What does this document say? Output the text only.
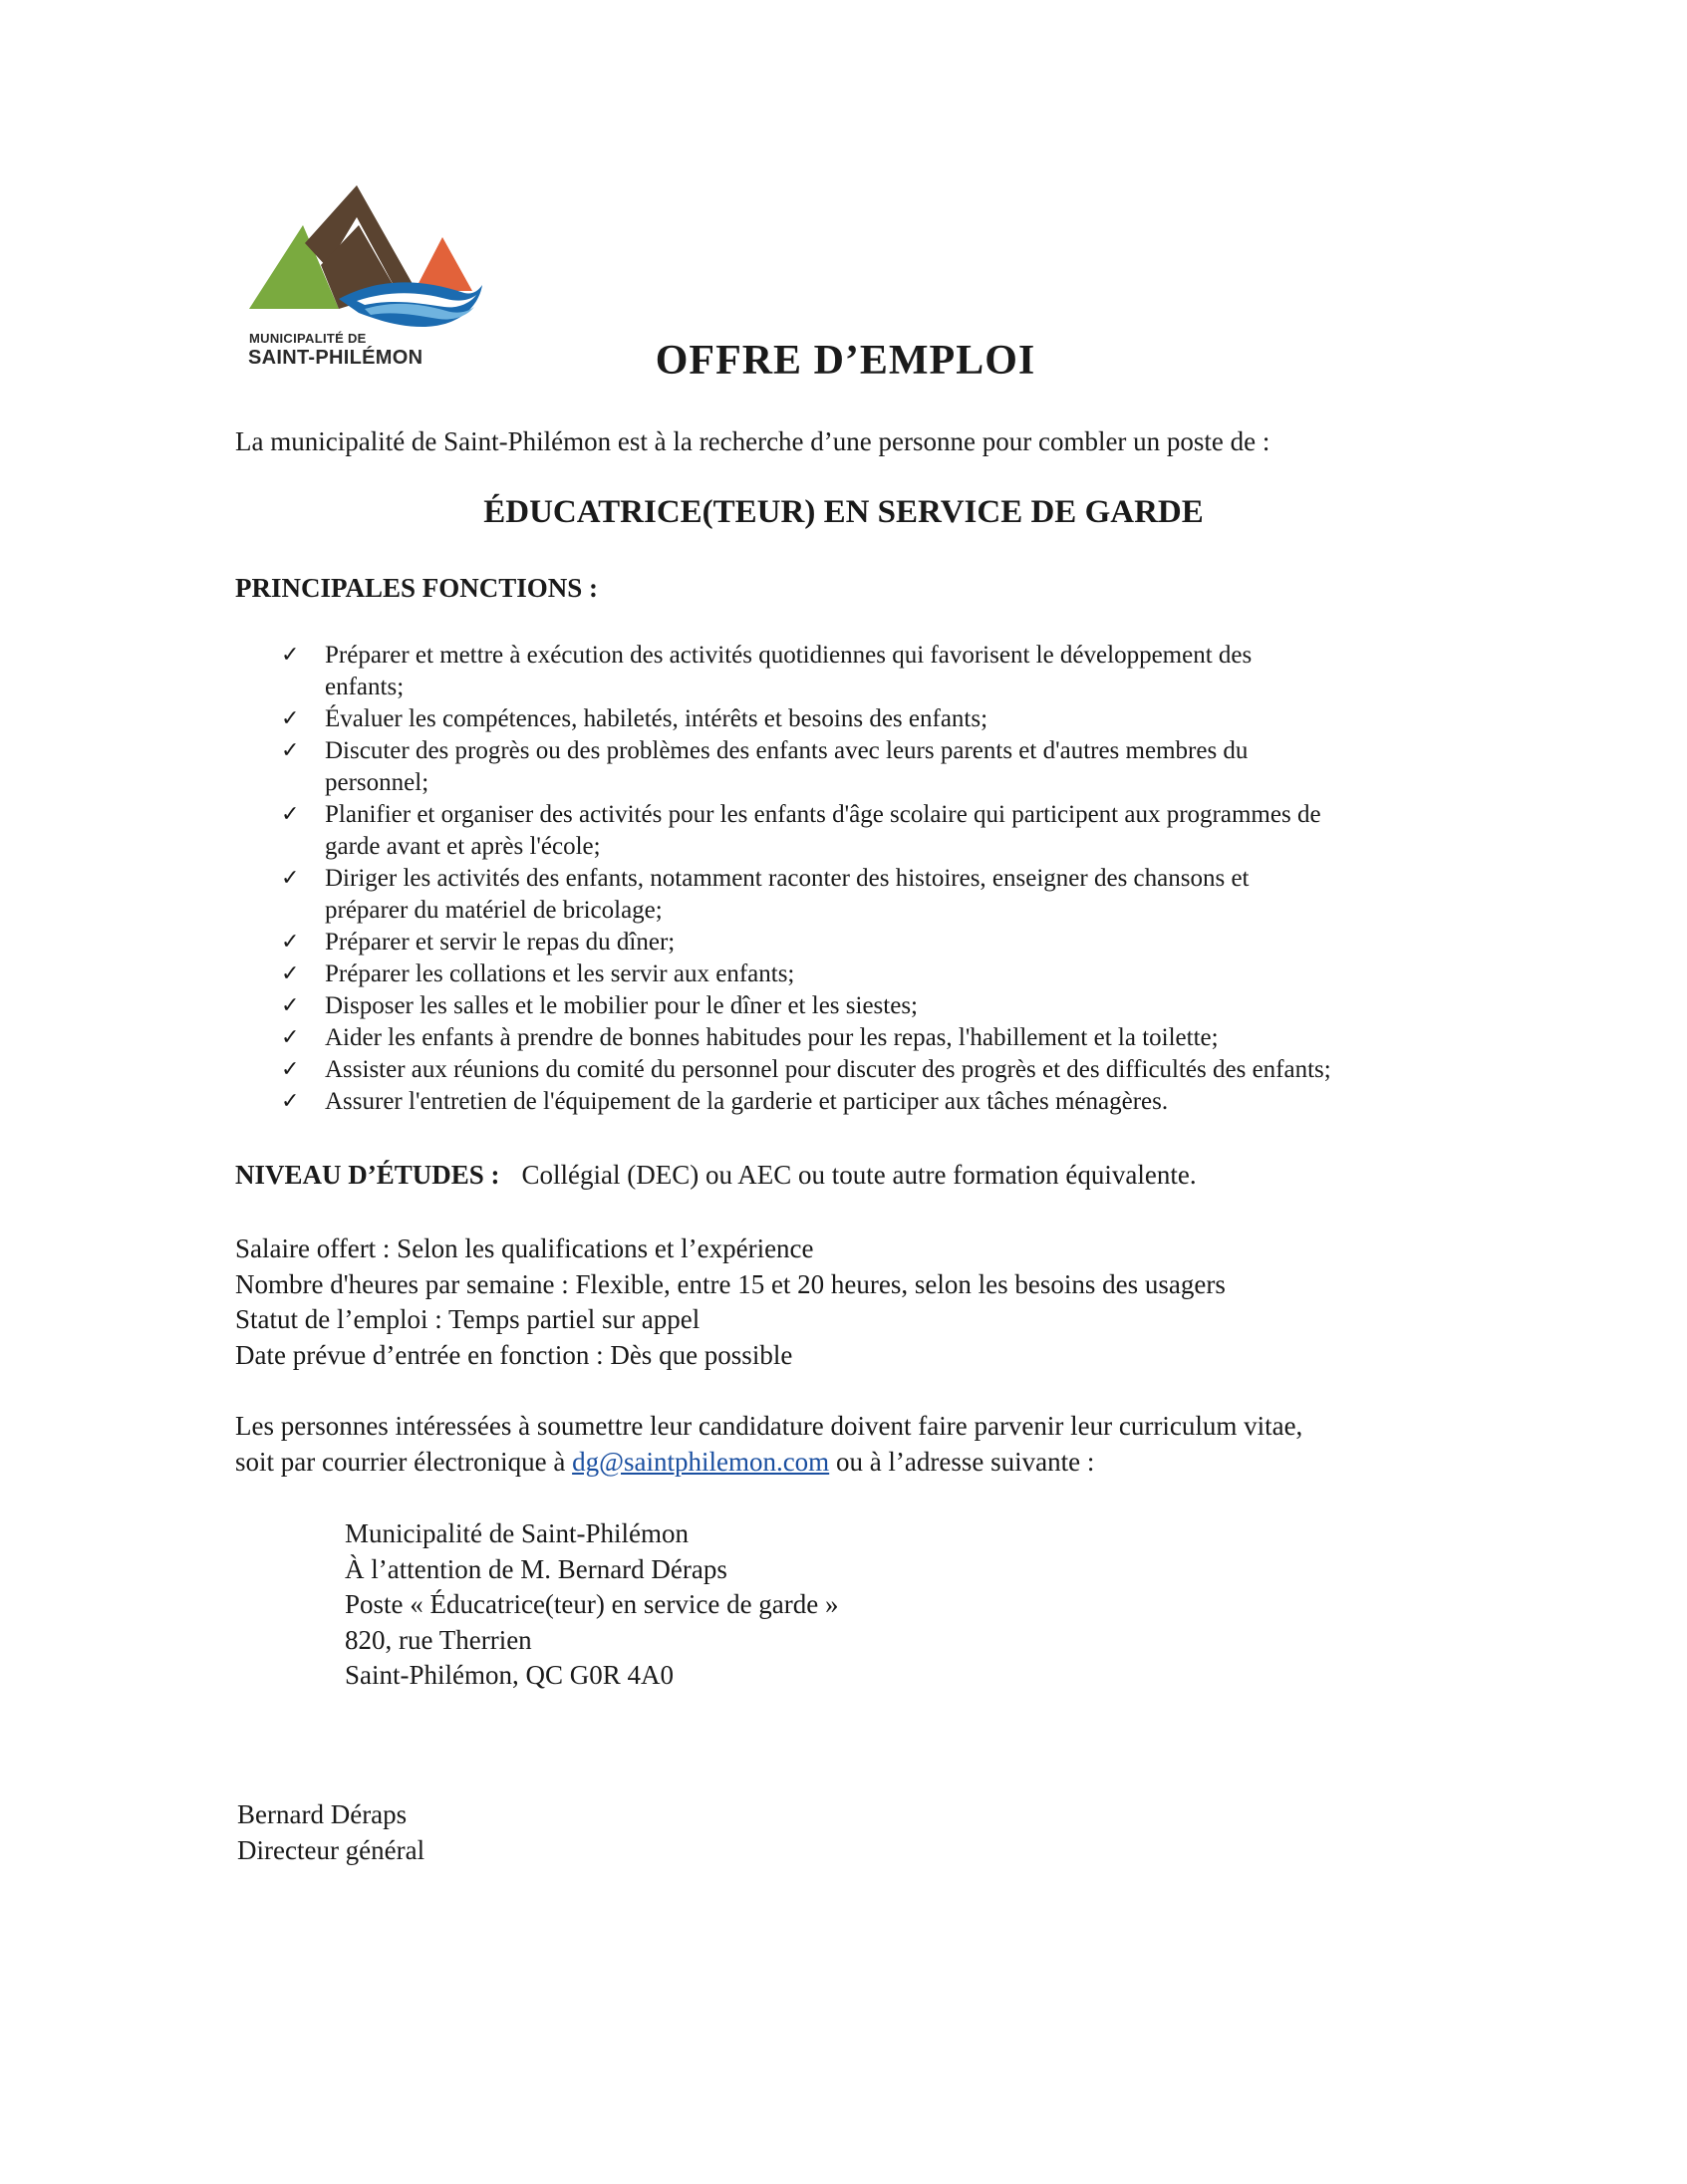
MUNICIPALITÉ DE
SAINT-PHILÉMON	OFFRE D’EMPLOI
La municipalité de Saint-Philémon est à la recherche d’une personne pour combler un poste de :
ÉDUCATRICE(TEUR) EN SERVICE DE GARDE
PRINCIPALES FONCTIONS :
✓	Préparer et mettre à exécution des activités quotidiennes qui favorisent le développement des
enfants;
✓	Évaluer les compétences, habiletés, intérêts et besoins des enfants;
✓	Discuter des progrès ou des problèmes des enfants avec leurs parents et d'autres membres du
personnel;
✓	Planifier et organiser des activités pour les enfants d'âge scolaire qui participent aux programmes de
garde avant et après l'école;
✓	Diriger les activités des enfants, notamment raconter des histoires, enseigner des chansons et
préparer du matériel de bricolage;
✓	Préparer et servir le repas du dîner;
✓	Préparer les collations et les servir aux enfants;
✓	Disposer les salles et le mobilier pour le dîner et les siestes;
✓	Aider les enfants à prendre de bonnes habitudes pour les repas, l'habillement et la toilette;
✓	Assister aux réunions du comité du personnel pour discuter des progrès et des difficultés des enfants;
✓	Assurer l'entretien de l'équipement de la garderie et participer aux tâches ménagères.
NIVEAU D’ÉTUDES : Collégial (DEC) ou AEC ou toute autre formation équivalente.
Salaire offert : Selon les qualifications et l’expérience
Nombre d'heures par semaine : Flexible, entre 15 et 20 heures, selon les besoins des usagers
Statut de l’emploi : Temps partiel sur appel
Date prévue d’entrée en fonction : Dès que possible
Les personnes intéressées à soumettre leur candidature doivent faire parvenir leur curriculum vitae,
soit par courrier électronique à dg@saintphilemon.com ou à l’adresse suivante :
Municipalité de Saint-Philémon
À l’attention de M. Bernard Déraps
Poste « Éducatrice(teur) en service de garde »
820, rue Therrien
Saint-Philémon, QC G0R 4A0
Bernard Déraps
Directeur général
